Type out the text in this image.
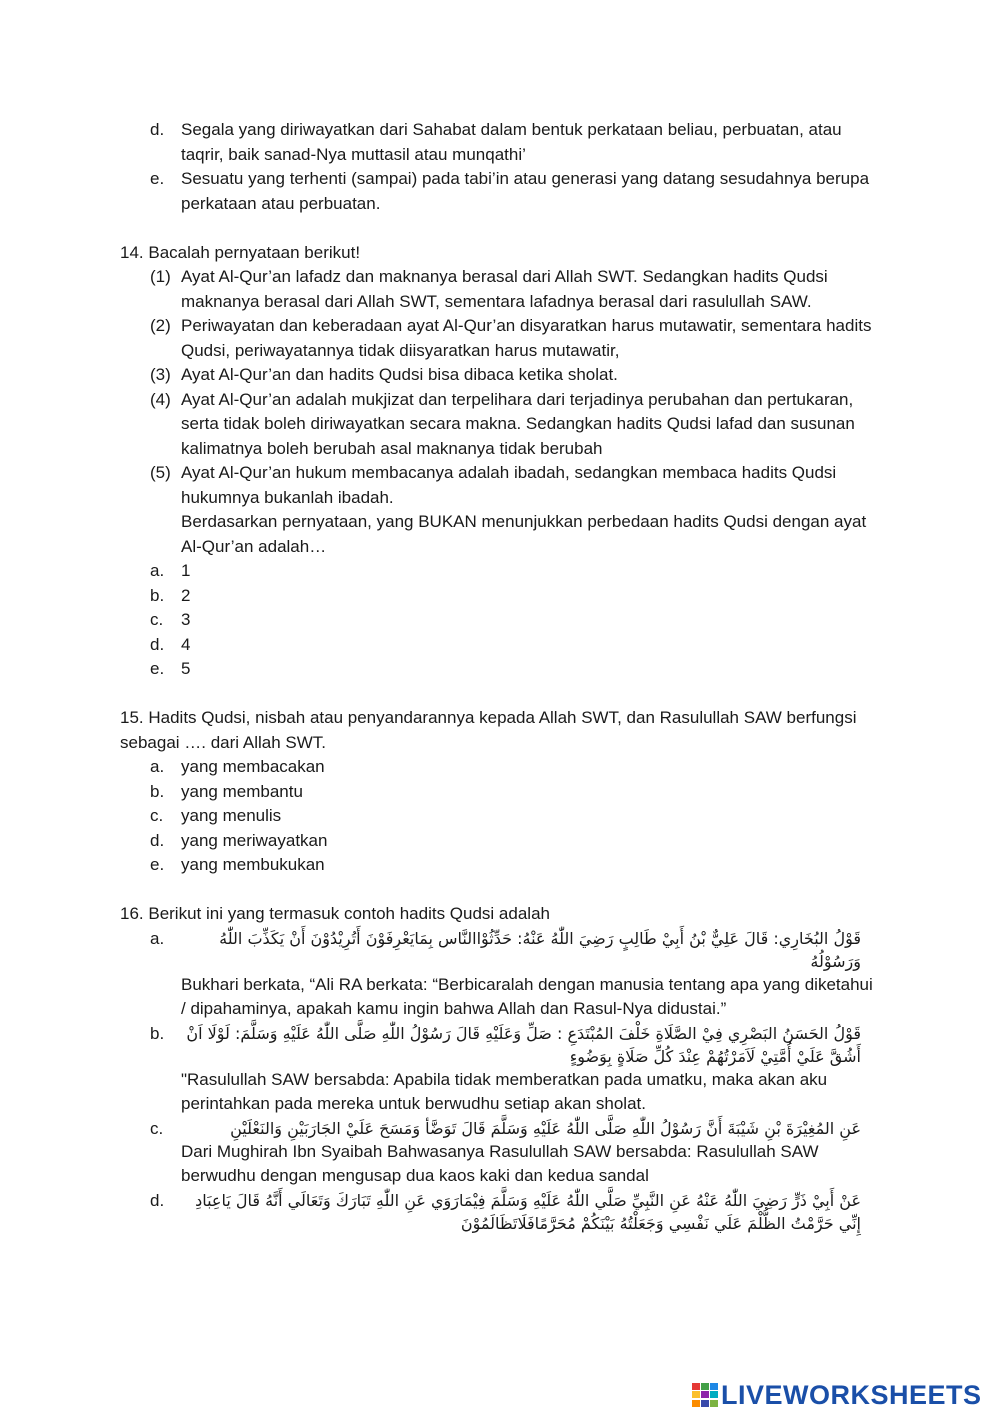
d. Segala yang diriwayatkan dari Sahabat dalam bentuk perkataan beliau, perbuatan, atau taqrir, baik sanad-Nya muttasil atau munqathi’
e. Sesuatu yang terhenti (sampai) pada tabi’in atau generasi yang datang sesudahnya berupa perkataan atau perbuatan.
14. Bacalah pernyataan berikut!
(1) Ayat Al-Qur’an lafadz dan maknanya berasal dari Allah SWT. Sedangkan hadits Qudsi maknanya berasal dari Allah SWT, sementara lafadnya berasal dari rasulullah SAW.
(2) Periwayatan dan keberadaan ayat Al-Qur’an disyaratkan harus mutawatir, sementara hadits Qudsi, periwayatannya tidak diisyaratkan harus mutawatir,
(3) Ayat Al-Qur’an dan hadits Qudsi bisa dibaca ketika sholat.
(4) Ayat Al-Qur’an adalah mukjizat dan terpelihara dari terjadinya perubahan dan pertukaran, serta tidak boleh diriwayatkan secara makna. Sedangkan hadits Qudsi lafad dan susunan kalimatnya boleh berubah asal maknanya tidak berubah
(5) Ayat Al-Qur’an hukum membacanya adalah ibadah, sedangkan membaca hadits Qudsi hukumnya bukanlah ibadah.
Berdasarkan pernyataan, yang BUKAN menunjukkan perbedaan hadits Qudsi dengan ayat Al-Qur’an adalah…
a. 1
b. 2
c. 3
d. 4
e. 5
15. Hadits Qudsi, nisbah atau penyandarannya kepada Allah SWT, dan Rasulullah SAW berfungsi sebagai …. dari Allah SWT.
a. yang membacakan
b. yang membantu
c. yang menulis
d. yang meriwayatkan
e. yang membukukan
16. Berikut ini yang termasuk contoh hadits Qudsi adalah
a.	قَوْلُ البُخَارِي: قَالَ عَلِيٌّ بْنُ أَبِيْ طَالِبٍ رَضِيَ اللّٰهُ عَنْهُ: حَدِّثُوْاالنَّاس بِمَايَعْرِفَوْنَ أَتُرِيْدُوْنَ أَنْ يَكَذِّبَ اللّٰهُ وَرَسُوْلُهُ
Bukhari berkata, “Ali RA berkata: “Berbicaralah dengan manusia tentang apa yang diketahui / dipahaminya, apakah kamu ingin bahwa Allah dan Rasul-Nya didustai.”
b.	قَوْلُ الحَسَنُ البَصْرِي فِيْ الصَّلَاةِ خَلْفَ المُبْتَدَعِ : صَلِّ وَعَلَيْهِ قَالَ رَسُوْلُ اللّٰهِ صَلَّى اللّٰهُ عَلَيْهِ وَسَلَّمَ: لَوْلَا اَنْ أَشُقَّ عَلَيْ أُمَّتِيْ لَاَمَرْتُهُمْ عِنْدَ كُلِّ صَلَاةٍ بِوَضُوءٍ
"Rasulullah SAW bersabda: Apabila tidak memberatkan pada umatku, maka akan aku perintahkan pada mereka untuk berwudhu setiap akan sholat.
c.	عَنِ المُغِيْرَةَ بْنِ شَيْبَةَ أَنَّ رَسُوْلُ اللّٰهِ صَلَّى اللّٰهُ عَلَيْهِ وَسَلَّمَ قَالَ تَوَضَّأ وَمَسَحَ عَلَيْ الجَارَبَيْنِ وَالنَعْلَيْنِ
Dari Mughirah Ibn Syaibah Bahwasanya Rasulullah SAW bersabda: Rasulullah SAW berwudhu dengan mengusap dua kaos kaki dan kedua sandal
d.	عَنْ أَبِيْ ذَرٍّ رَضِيَ اللّٰهُ عَنْهُ عَنِ النَّبِيِّ صَلَّي اللّٰهُ عَلَيْهِ وَسَلَّمَ فِيْمَارَوَي عَنِ اللّٰهِ تَبَارَكَ وَتَعَالَي أَنَّهُ قَالَ يَاعِبَادِ إِنِّي حَرَّمْتُ الظُّلْمَ عَلَي نَفْسِي وَجَعَلْتُهُ بَيْنَكُمْ مُحَرَّمًافَلَاتَظَالَمُوْنَ
LIVEWORKSHEETS
